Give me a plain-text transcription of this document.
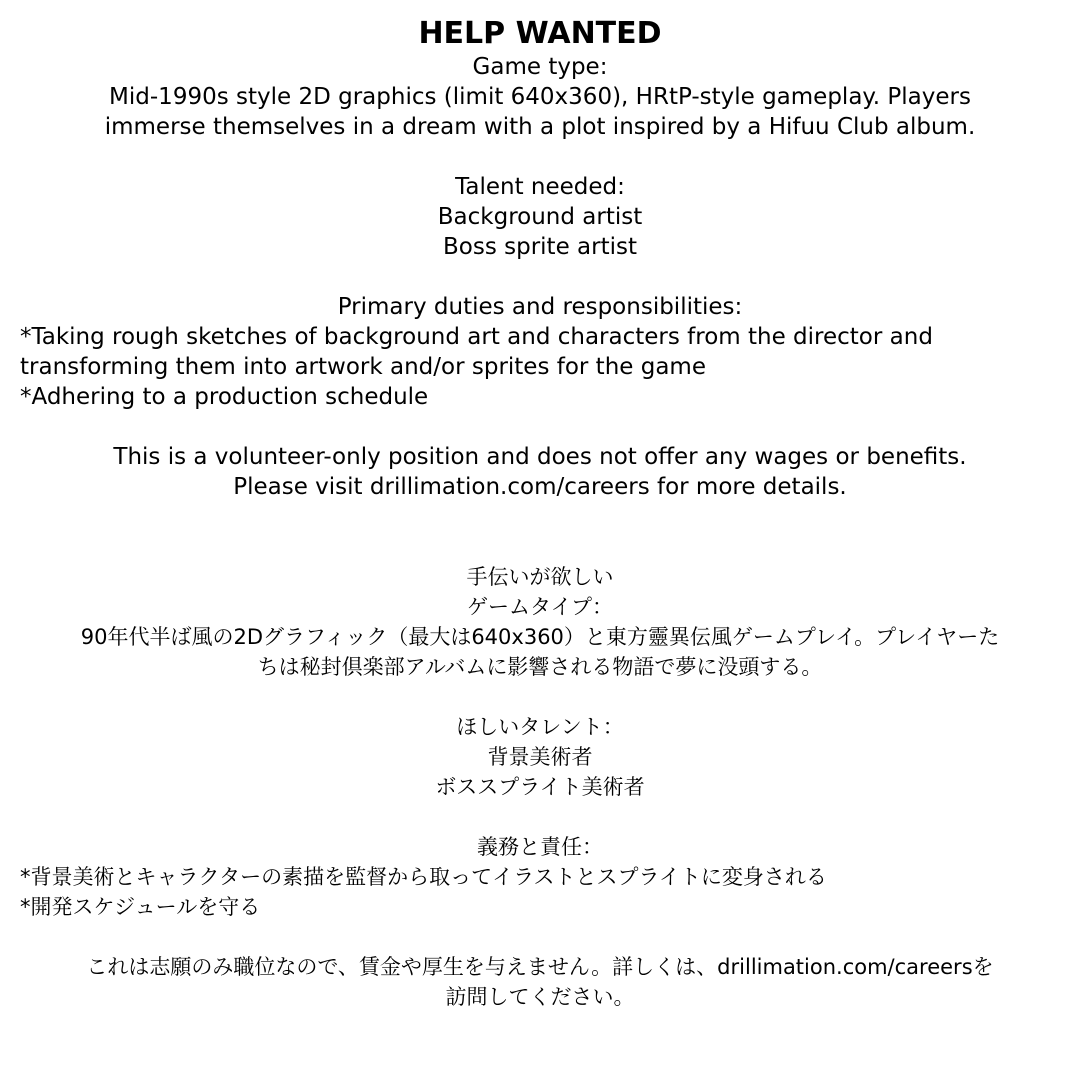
HELP WANTED
Game type:
Mid-1990s style 2D graphics (limit 640x360), HRtP-style gameplay. Players
immerse themselves in a dream with a plot inspired by a Hifuu Club album.
Talent needed:
Background artist
Boss sprite artist
Primary duties and responsibilities:
*Taking rough sketches of background art and characters from the director and
transforming them into artwork and/or sprites for the game
*Adhering to a production schedule
This is a volunteer-only position and does not offer any wages or benefits.
Please visit drillimation.com/careers for more details.
手伝いが欲しい
ゲームタイプ：
90年代半ば風の2Dグラフィック（最大は640x360）と東方靈異伝風ゲームプレイ。プレイヤーた
ちは秘封倶楽部アルバムに影響される物語で夢に没頭する。
ほしいタレント：
背景美術者
ボススプライト美術者
義務と責任：
*背景美術とキャラクターの素描を監督から取ってイラストとスプライトに変身される
*開発スケジュールを守る
これは志願のみ職位なので、賃金や厚生を与えません。詳しくは、drillimation.com/careersを
訪問してください。
